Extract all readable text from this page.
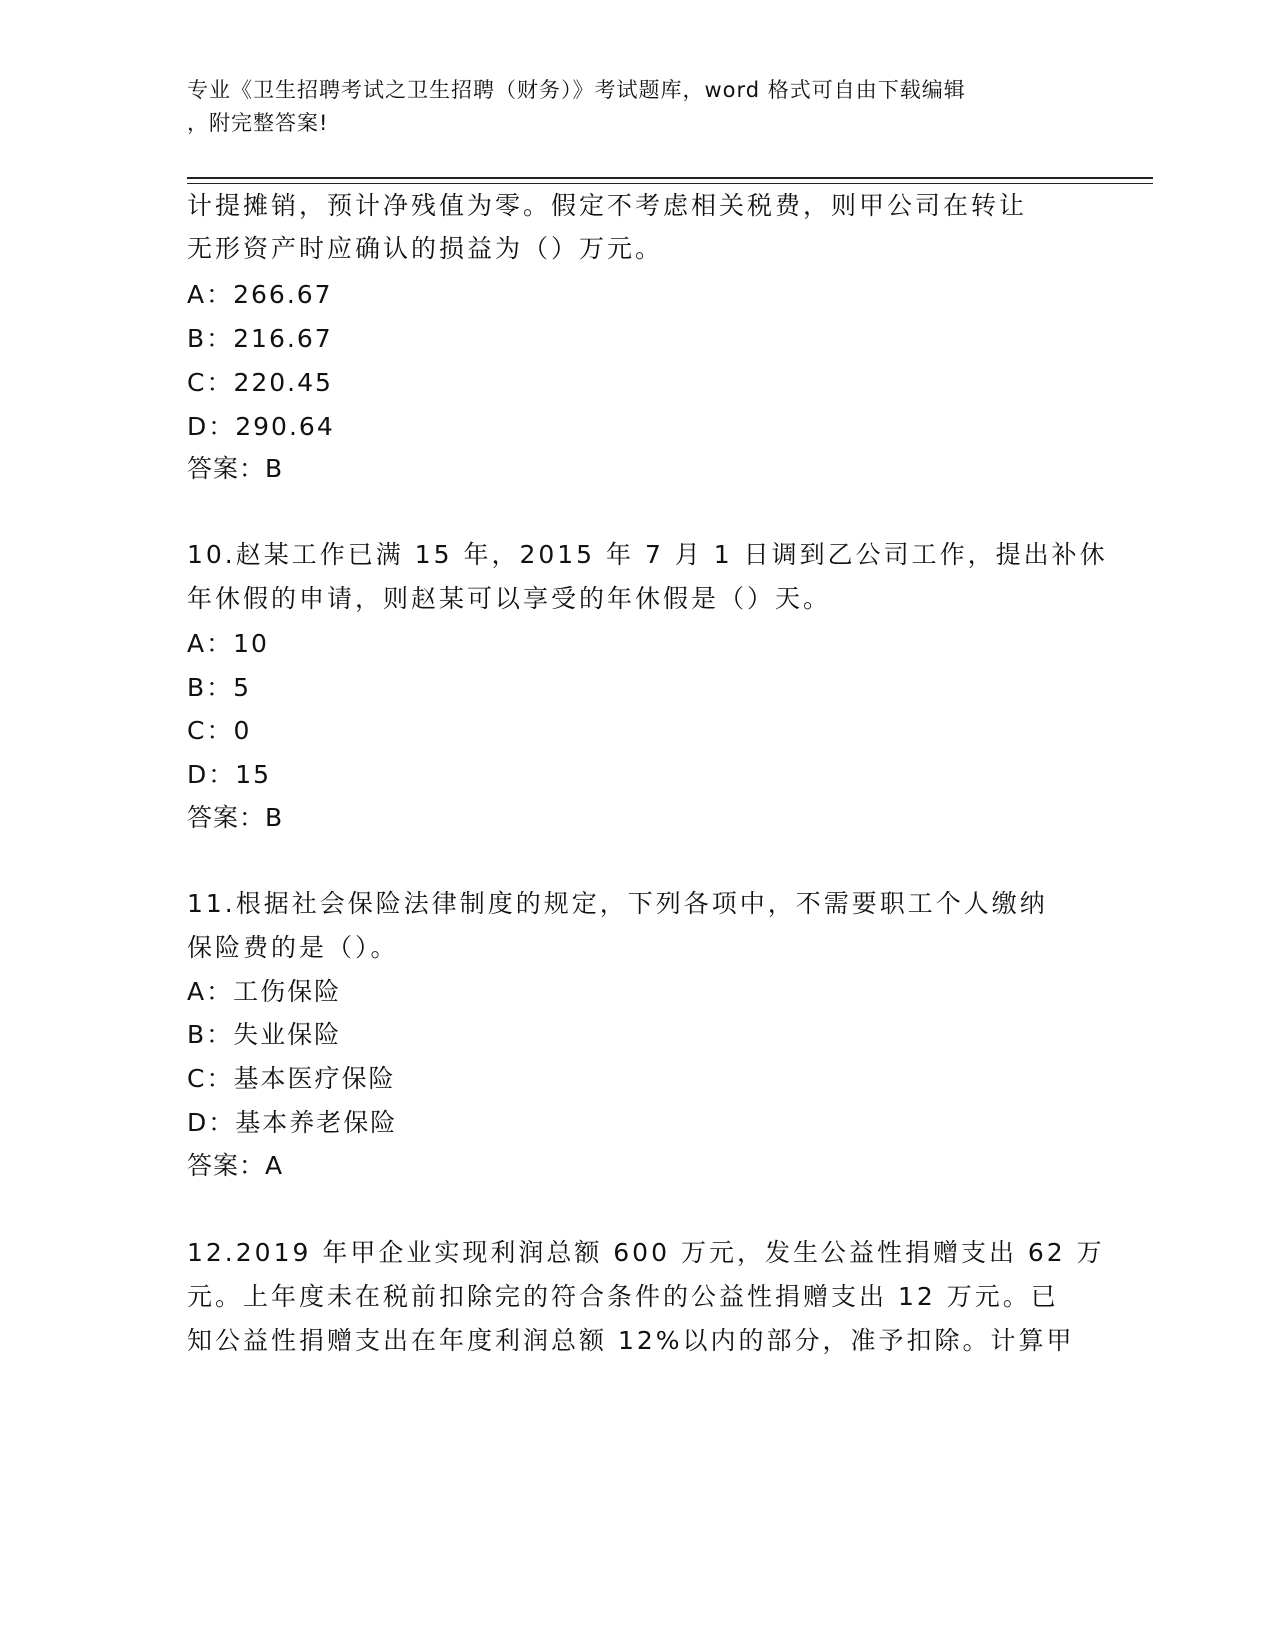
专业《卫生招聘考试之卫生招聘（财务）》考试题库，word 格式可自由下载编辑
，附完整答案!
计提摊销，预计净残值为零。假定不考虑相关税费，则甲公司在转让
无形资产时应确认的损益为（）万元。
A：266.67
B：216.67
C：220.45
D：290.64
答案：B
10.赵某工作已满 15 年，2015 年 7 月 1 日调到乙公司工作，提出补休
年休假的申请，则赵某可以享受的年休假是（）天。
A：10
B：5
C：0
D：15
答案：B
11.根据社会保险法律制度的规定，下列各项中，不需要职工个人缴纳
保险费的是（）。
A：工伤保险
B：失业保险
C：基本医疗保险
D：基本养老保险
答案：A
12.2019 年甲企业实现利润总额 600 万元，发生公益性捐赠支出 62 万
元。上年度未在税前扣除完的符合条件的公益性捐赠支出 12 万元。已
知公益性捐赠支出在年度利润总额 12%以内的部分，准予扣除。计算甲
